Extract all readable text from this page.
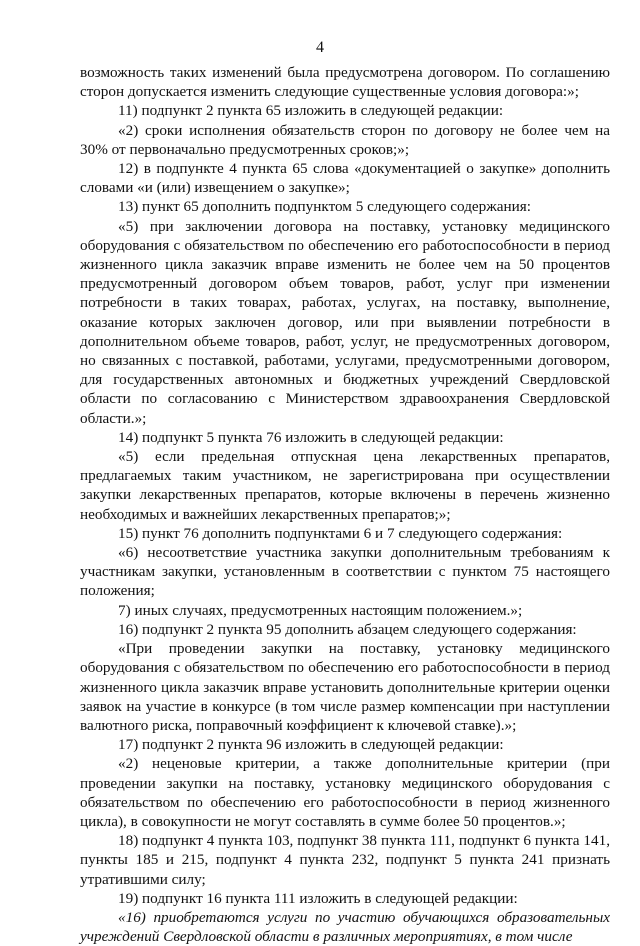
4

возможность таких изменений была предусмотрена договором. По соглашению сторон допускается изменить следующие существенные условия договора:»;

11) подпункт 2 пункта 65 изложить в следующей редакции:

«2) сроки исполнения обязательств сторон по договору не более чем на 30% от первоначально предусмотренных сроков;»;

12) в подпункте 4 пункта 65 слова «документацией о закупке» дополнить словами «и (или) извещением о закупке»;

13) пункт 65 дополнить подпунктом 5 следующего содержания:

«5) при заключении договора на поставку, установку медицинского оборудования с обязательством по обеспечению его работоспособности в период жизненного цикла заказчик вправе изменить не более чем на 50 процентов предусмотренный договором объем товаров, работ, услуг при изменении потребности в таких товарах, работах, услугах, на поставку, выполнение, оказание которых заключен договор, или при выявлении потребности в дополнительном объеме товаров, работ, услуг, не предусмотренных договором, но связанных с поставкой, работами, услугами, предусмотренными договором, для государственных автономных и бюджетных учреждений Свердловской области по согласованию с Министерством здравоохранения Свердловской области.»;

14) подпункт 5 пункта 76 изложить в следующей редакции:

«5) если предельная отпускная цена лекарственных препаратов, предлагаемых таким участником, не зарегистрирована при осуществлении закупки лекарственных препаратов, которые включены в перечень жизненно необходимых и важнейших лекарственных препаратов;»;

15) пункт 76 дополнить подпунктами 6 и 7 следующего содержания:

«6) несоответствие участника закупки дополнительным требованиям к участникам закупки, установленным в соответствии с пунктом 75 настоящего положения;

7) иных случаях, предусмотренных настоящим положением.»;

16) подпункт 2 пункта 95 дополнить абзацем следующего содержания:

«При проведении закупки на поставку, установку медицинского оборудования с обязательством по обеспечению его работоспособности в период жизненного цикла заказчик вправе установить дополнительные критерии оценки заявок на участие в конкурсе (в том числе размер компенсации при наступлении валютного риска, поправочный коэффициент к ключевой ставке).»;

17) подпункт 2 пункта 96 изложить в следующей редакции:

«2) неценовые критерии, а также дополнительные критерии (при проведении закупки на поставку, установку медицинского оборудования с обязательством по обеспечению его работоспособности в период жизненного цикла), в совокупности не могут составлять в сумме более 50 процентов.»;

18) подпункт 4 пункта 103, подпункт 38 пункта 111, подпункт 6 пункта 141, пункты 185 и 215, подпункт 4 пункта 232, подпункт 5 пункта 241 признать утратившими силу;

19) подпункт 16 пункта 111 изложить в следующей редакции:

«16) приобретаются услуги по участию обучающихся образовательных учреждений Свердловской области в различных мероприятиях, в том числе
